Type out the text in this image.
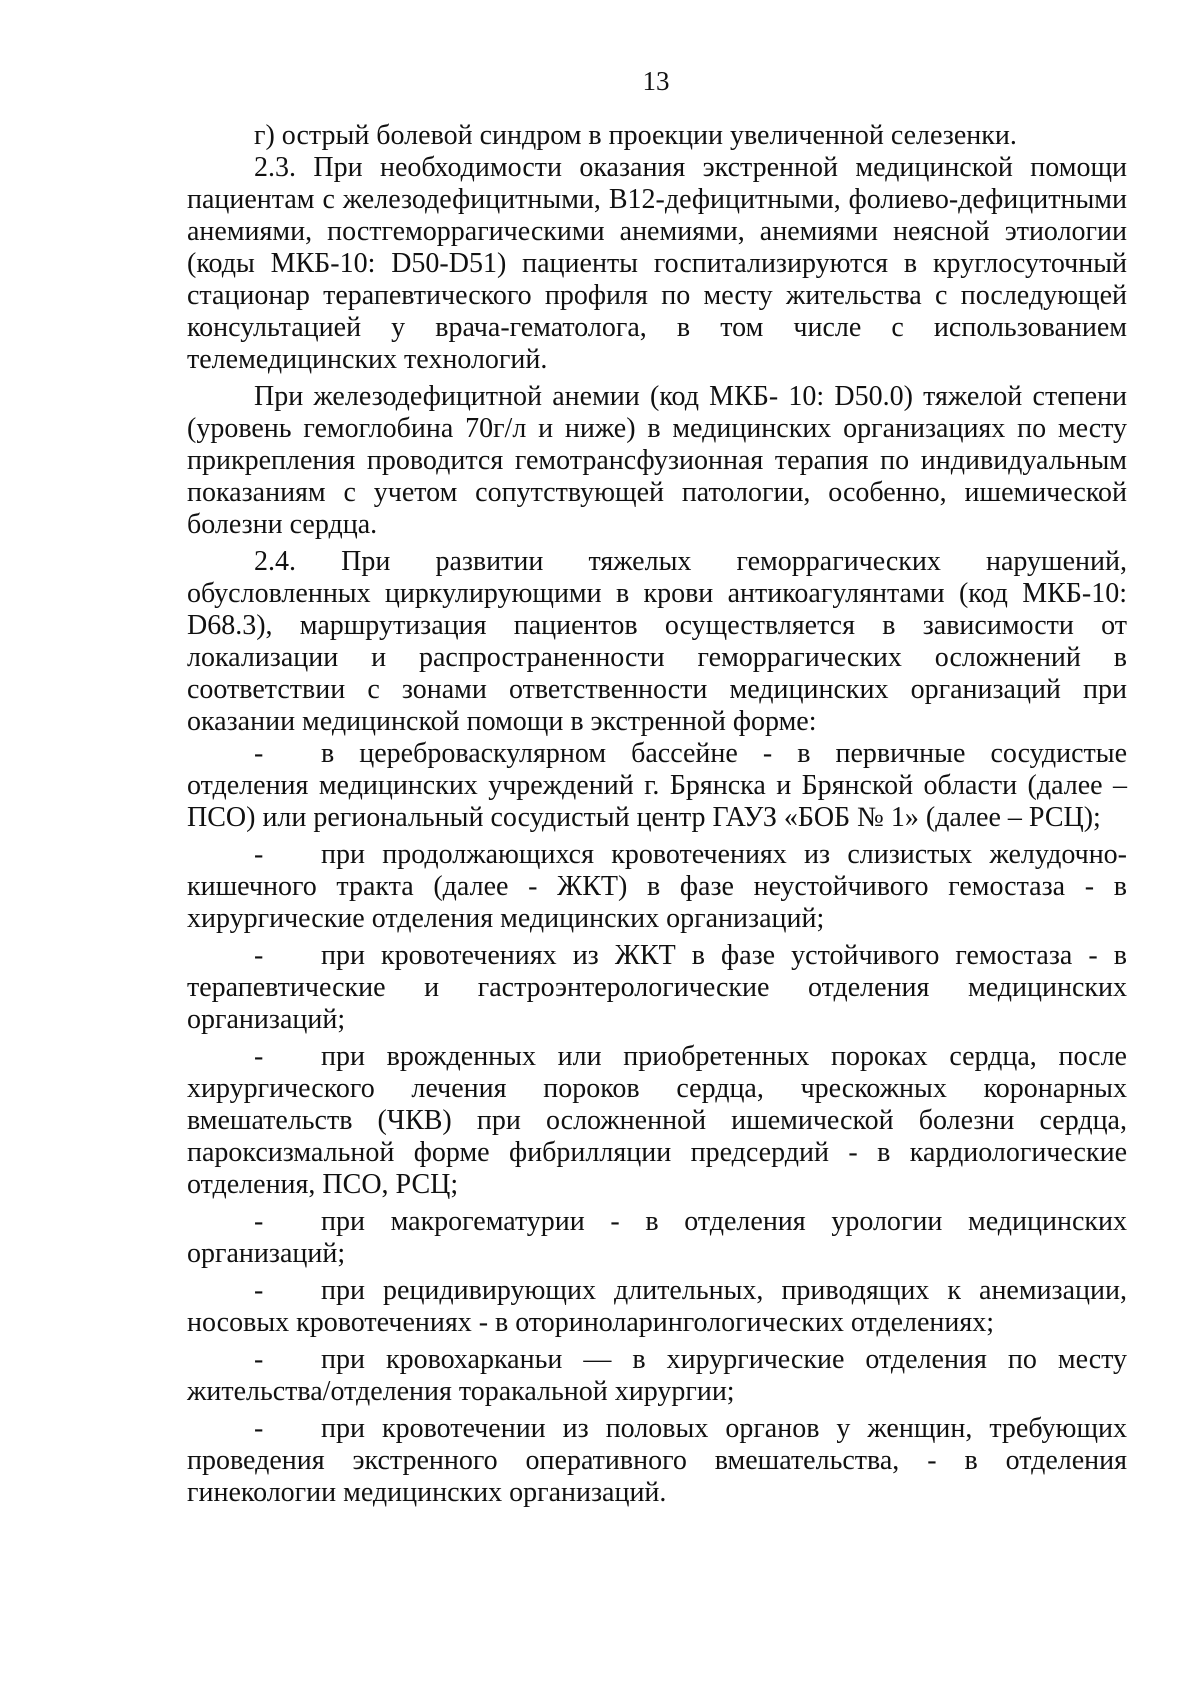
13

г) острый болевой синдром в проекции увеличенной селезенки.

2.3. При необходимости оказания экстренной медицинской помощи пациентам с железодефицитными, В12-дефицитными, фолиево-дефицитными анемиями, постгеморрагическими анемиями, анемиями неясной этиологии (коды МКБ-10: D50-D51) пациенты госпитализируются в круглосуточный стационар терапевтического профиля по месту жительства с последующей консультацией у врача-гематолога, в том числе с использованием телемедицинских технологий.

При железодефицитной анемии (код МКБ- 10: D50.0) тяжелой степени (уровень гемоглобина 70г/л и ниже) в медицинских организациях по месту прикрепления проводится гемотрансфузионная терапия по индивидуальным показаниям с учетом сопутствующей патологии, особенно, ишемической болезни сердца.

2.4. При развитии тяжелых геморрагических нарушений, обусловленных циркулирующими в крови антикоагулянтами (код МКБ-10: D68.3), маршрутизация пациентов осуществляется в зависимости от локализации и распространенности геморрагических осложнений в соответствии с зонами ответственности медицинских организаций при оказании медицинской помощи в экстренной форме:

- в цереброваскулярном бассейне - в первичные сосудистые отделения медицинских учреждений г. Брянска и Брянской области (далее – ПСО) или региональный сосудистый центр ГАУЗ «БОБ № 1» (далее – РСЦ);

- при продолжающихся кровотечениях из слизистых желудочно-кишечного тракта (далее - ЖКТ) в фазе неустойчивого гемостаза - в хирургические отделения медицинских организаций;

- при кровотечениях из ЖКТ в фазе устойчивого гемостаза - в терапевтические и гастроэнтерологические отделения медицинских организаций;

- при врожденных или приобретенных пороках сердца, после хирургического лечения пороков сердца, чрескожных коронарных вмешательств (ЧКВ) при осложненной ишемической болезни сердца, пароксизмальной форме фибрилляции предсердий - в кардиологические отделения, ПСО, РСЦ;

- при макрогематурии - в отделения урологии медицинских организаций;

- при рецидивирующих длительных, приводящих к анемизации, носовых кровотечениях - в оториноларингологических отделениях;

- при кровохарканьи — в хирургические отделения по месту жительства/отделения торакальной хирургии;

- при кровотечении из половых органов у женщин, требующих проведения экстренного оперативного вмешательства, - в отделения гинекологии медицинских организаций.
